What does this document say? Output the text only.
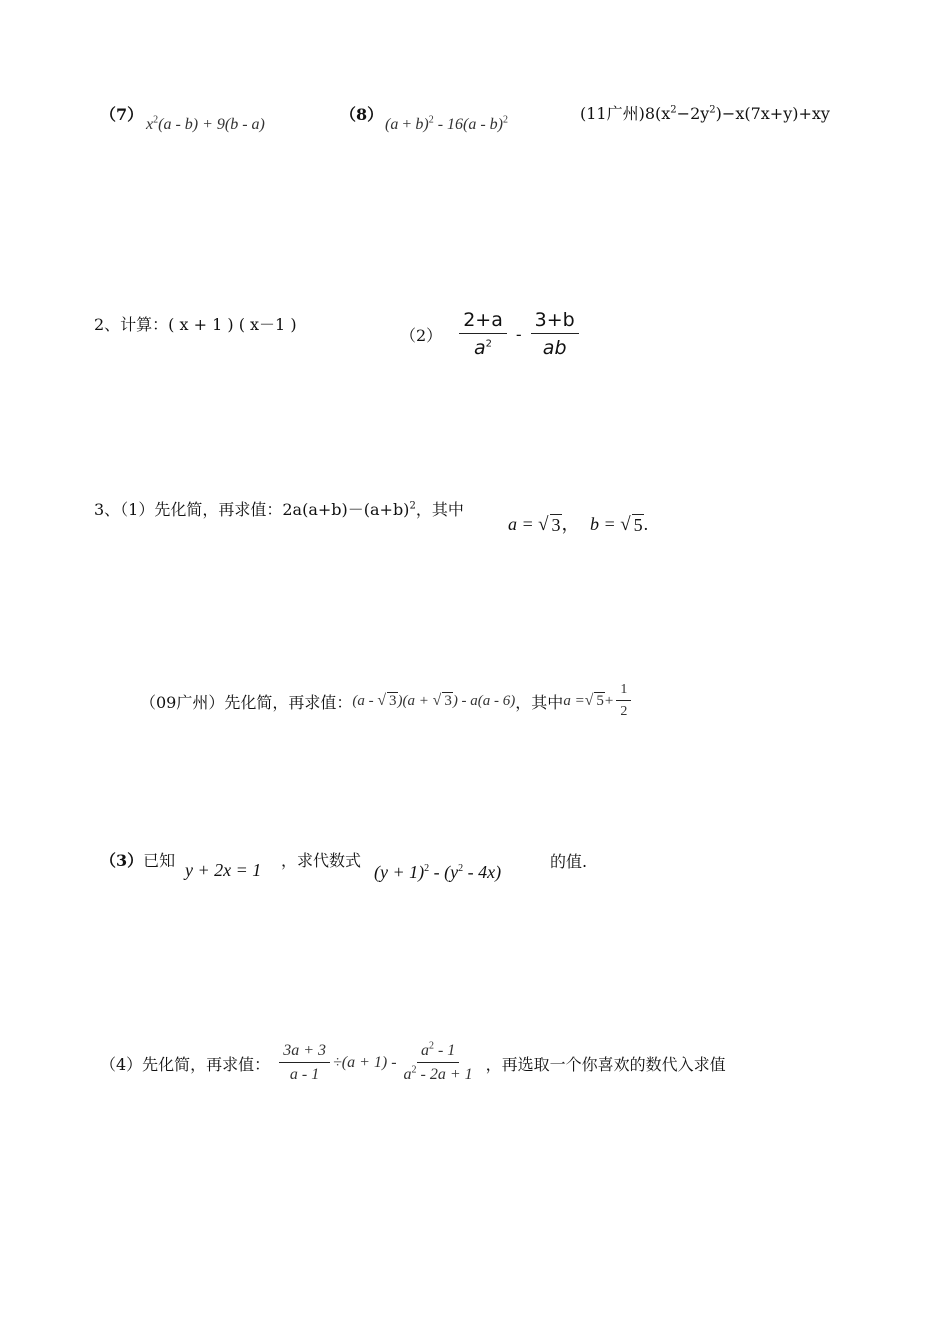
（7）
$x^2(a - b) + 9(b - a)$
（8）
$(a + b)^2 - 16(a - b)^2$	(11广州)$8(x^2-2y^2)-x(7x+y)+xy$
2、计算：( x + 1 ) ( x－1 )
$(2) \frac{2+a}{a^2} - \frac{3+b}{ab}$
3、（1）先化简，再求值：$2a(a+b)-(a+b)^2$，其中
a = √ 3 ， b = √ 5 .
（09广州）先化简，再求值： (a - √ 3 )(a + √ 3 ) - a(a - 6) ，其中 a = √ $5 + \frac{1}{2}$
（3）已知 y + 2x = 1 ，求代数式
$(y + 1)^2 - (y^2 - 4x)$
的值.
（4）先化简，再求值： $\frac{3a + 3}{a - 1} \div(a + 1) - \frac{a^2 - 1}{a^2 - 2a + 1}$ ，再选取一个你喜欢的数代入求值
